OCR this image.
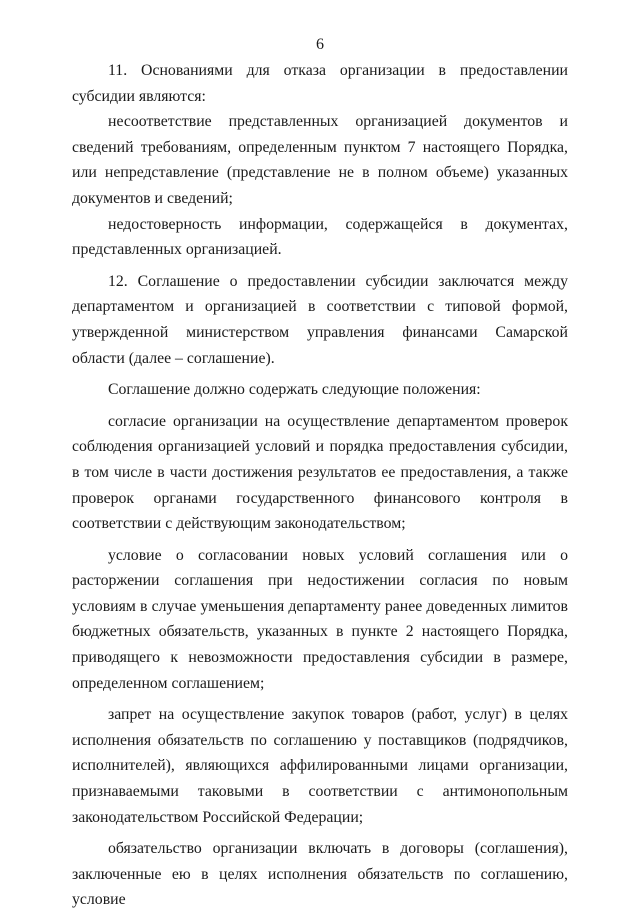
6

11. Основаниями для отказа организации в предоставлении субсидии являются:

несоответствие представленных организацией документов и сведений требованиям, определенным пунктом 7 настоящего Порядка, или непредставление (представление не в полном объеме) указанных документов и сведений;

недостоверность информации, содержащейся в документах, представленных организацией.

12. Соглашение о предоставлении субсидии заключатся между департаментом и организацией в соответствии с типовой формой, утвержденной министерством управления финансами Самарской области (далее – соглашение).

Соглашение должно содержать следующие положения:

согласие организации на осуществление департаментом проверок соблюдения организацией условий и порядка предоставления субсидии, в том числе в части достижения результатов ее предоставления, а также проверок органами государственного финансового контроля в соответствии с действующим законодательством;

условие о согласовании новых условий соглашения или о расторжении соглашения при недостижении согласия по новым условиям в случае уменьшения департаменту ранее доведенных лимитов бюджетных обязательств, указанных в пункте 2 настоящего Порядка, приводящего к невозможности предоставления субсидии в размере, определенном соглашением;

запрет на осуществление закупок товаров (работ, услуг) в целях исполнения обязательств по соглашению у поставщиков (подрядчиков, исполнителей), являющихся аффилированными лицами организации, признаваемыми таковыми в соответствии с антимонопольным законодательством Российской Федерации;

обязательство организации включать в договоры (соглашения), заключенные ею в целях исполнения обязательств по соглашению, условие
